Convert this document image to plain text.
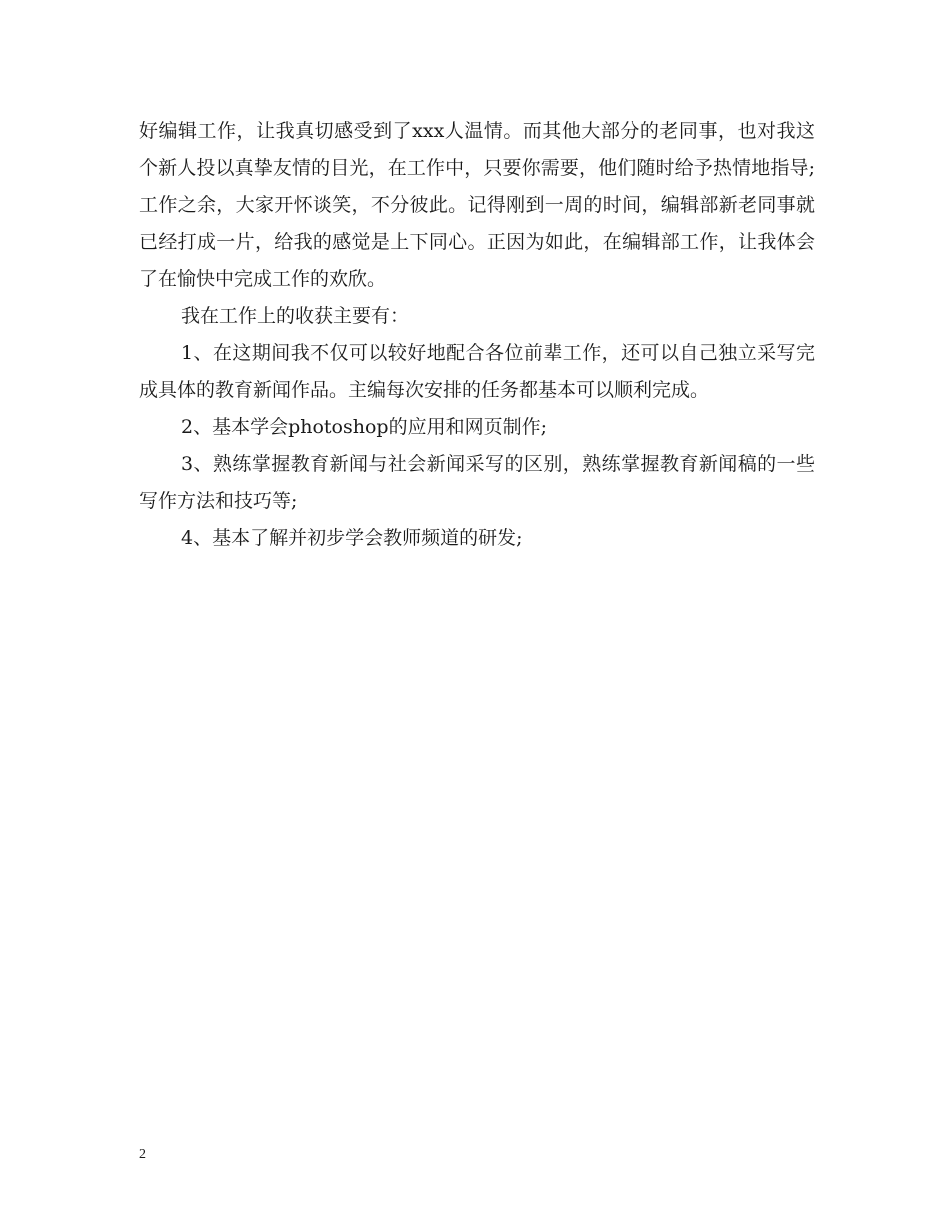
好编辑工作，让我真切感受到了xxx人温情。而其他大部分的老同事，也对我这个新人投以真挚友情的目光，在工作中，只要你需要，他们随时给予热情地指导;工作之余，大家开怀谈笑，不分彼此。记得刚到一周的时间，编辑部新老同事就已经打成一片，给我的感觉是上下同心。正因为如此，在编辑部工作，让我体会了在愉快中完成工作的欢欣。

我在工作上的收获主要有：

1、在这期间我不仅可以较好地配合各位前辈工作，还可以自己独立采写完成具体的教育新闻作品。主编每次安排的任务都基本可以顺利完成。

2、基本学会photoshop的应用和网页制作;

3、熟练掌握教育新闻与社会新闻采写的区别，熟练掌握教育新闻稿的一些写作方法和技巧等;

4、基本了解并初步学会教师频道的研发;

2
